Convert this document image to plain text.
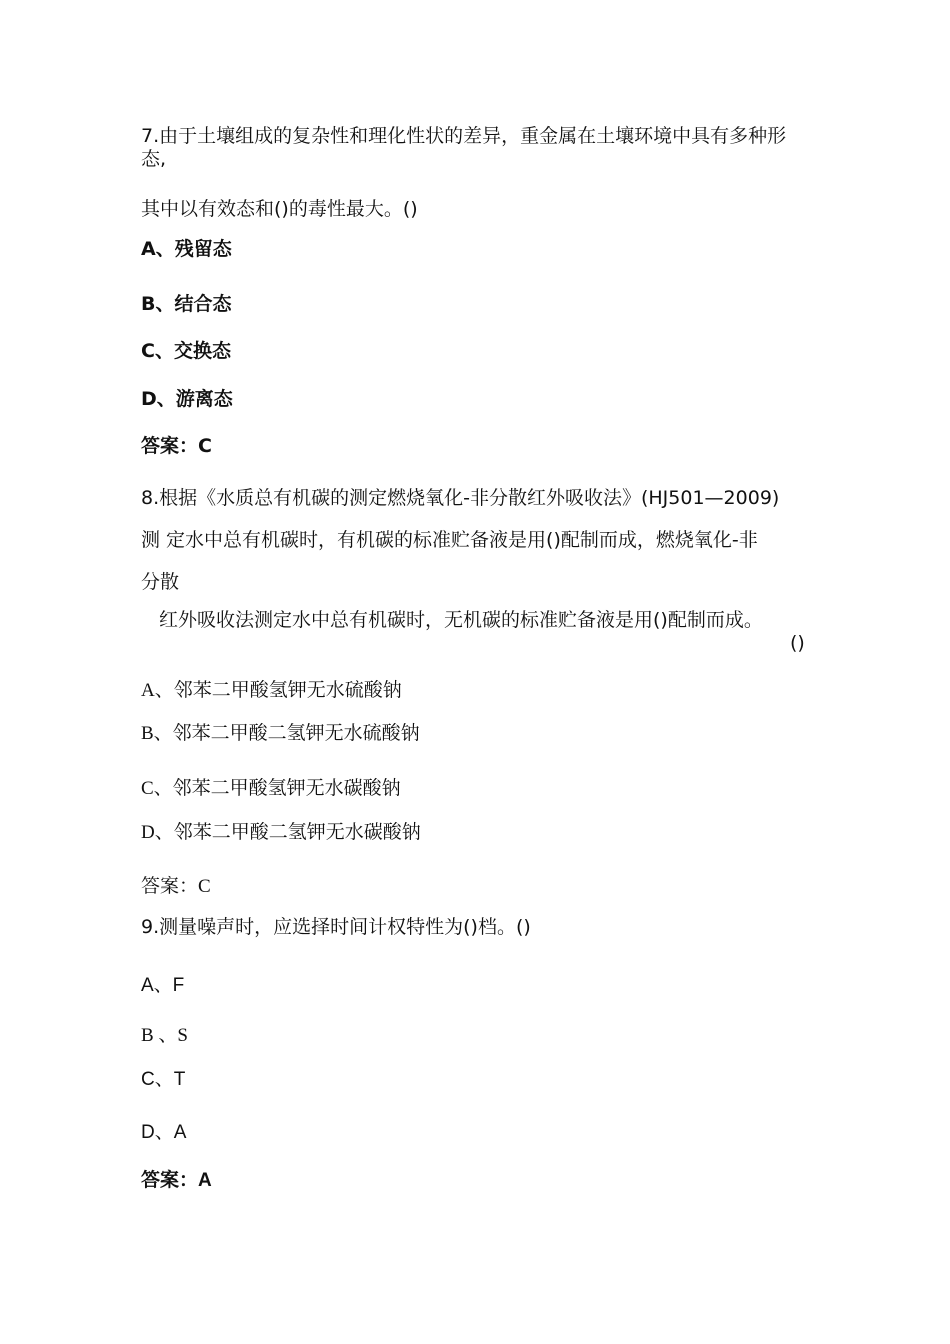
7.由于土壤组成的复杂性和理化性状的差异，重金属在土壤环境中具有多种形
态,
其中以有效态和()的毒性最大。()
A、残留态
B、结合态
C、交换态
D、游离态
答案：C
8.根据《水质总有机碳的测定燃烧氧化-非分散红外吸收法》(HJ501—2009)
测 定水中总有机碳时，有机碳的标准贮备液是用()配制而成，燃烧氧化-非
分散
红外吸收法测定水中总有机碳时，无机碳的标准贮备液是用()配制而成。
()
A、邻苯二甲酸氢钾无水硫酸钠
B、邻苯二甲酸二氢钾无水硫酸钠
C、邻苯二甲酸氢钾无水碳酸钠
D、邻苯二甲酸二氢钾无水碳酸钠
答案：C
9.测量噪声时，应选择时间计权特性为()档。()
A、F
B 、S
C、T
D、A
答案：A
